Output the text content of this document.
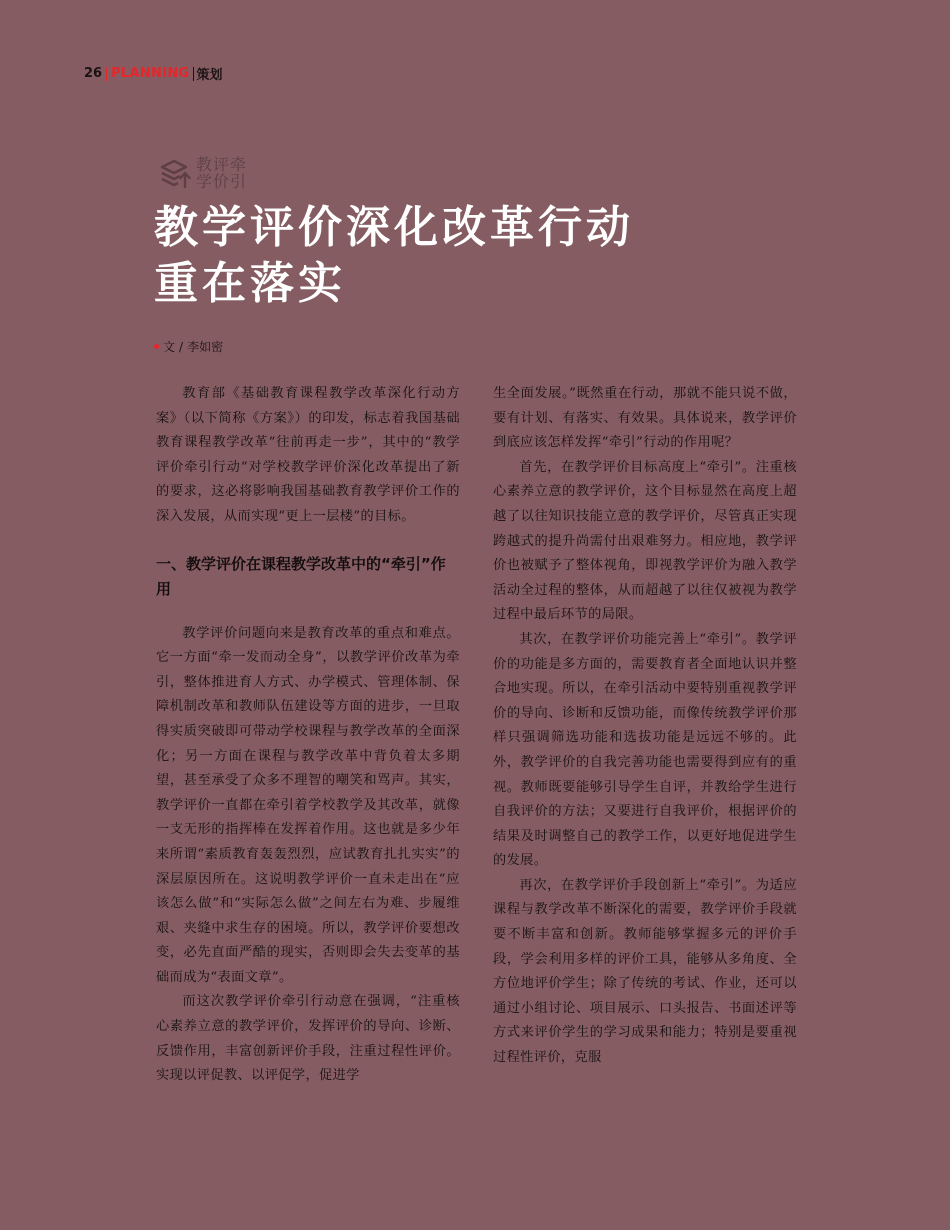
26 PLANNING 策划
教评牵
学价引
教学评价深化改革行动
重在落实
文 / 李如密

教育部《基础教育课程教学改革深化行动方案》（以下简称《方案》）的印发，标志着我国基础教育课程教学改革“往前再走一步”，其中的“教学评价牵引行动”对学校教学评价深化改革提出了新的要求，这必将影响我国基础教育教学评价工作的深入发展，从而实现“更上一层楼”的目标。

一、教学评价在课程教学改革中的“牵引”作用

教学评价问题向来是教育改革的重点和难点。它一方面“牵一发而动全身”，以教学评价改革为牵引，整体推进育人方式、办学模式、管理体制、保障机制改革和教师队伍建设等方面的进步，一旦取得实质突破即可带动学校课程与教学改革的全面深化；另一方面在课程与教学改革中背负着太多期望，甚至承受了众多不理智的嘲笑和骂声。其实，教学评价一直都在牵引着学校教学及其改革，就像一支无形的指挥棒在发挥着作用。这也就是多少年来所谓“素质教育轰轰烈烈，应试教育扎扎实实”的深层原因所在。这说明教学评价一直未走出在“应该怎么做”和“实际怎么做”之间左右为难、步履维艰、夹缝中求生存的困境。所以，教学评价要想改变，必先直面严酷的现实，否则即会失去变革的基础而成为“表面文章”。

而这次教学评价牵引行动意在强调，“注重核心素养立意的教学评价，发挥评价的导向、诊断、反馈作用，丰富创新评价手段，注重过程性评价。实现以评促教、以评促学，促进学

生全面发展。”既然重在行动，那就不能只说不做，要有计划、有落实、有效果。具体说来，教学评价到底应该怎样发挥“牵引”行动的作用呢？

首先，在教学评价目标高度上“牵引”。注重核心素养立意的教学评价，这个目标显然在高度上超越了以往知识技能立意的教学评价，尽管真正实现跨越式的提升尚需付出艰难努力。相应地，教学评价也被赋予了整体视角，即视教学评价为融入教学活动全过程的整体，从而超越了以往仅被视为教学过程中最后环节的局限。

其次，在教学评价功能完善上“牵引”。教学评价的功能是多方面的，需要教育者全面地认识并整合地实现。所以，在牵引活动中要特别重视教学评价的导向、诊断和反馈功能，而像传统教学评价那样只强调筛选功能和选拔功能是远远不够的。此外，教学评价的自我完善功能也需要得到应有的重视。教师既要能够引导学生自评，并教给学生进行自我评价的方法；又要进行自我评价，根据评价的结果及时调整自己的教学工作，以更好地促进学生的发展。

再次，在教学评价手段创新上“牵引”。为适应课程与教学改革不断深化的需要，教学评价手段就要不断丰富和创新。教师能够掌握多元的评价手段，学会利用多样的评价工具，能够从多角度、全方位地评价学生；除了传统的考试、作业，还可以通过小组讨论、项目展示、口头报告、书面述评等方式来评价学生的学习成果和能力；特别是要重视过程性评价，克服
